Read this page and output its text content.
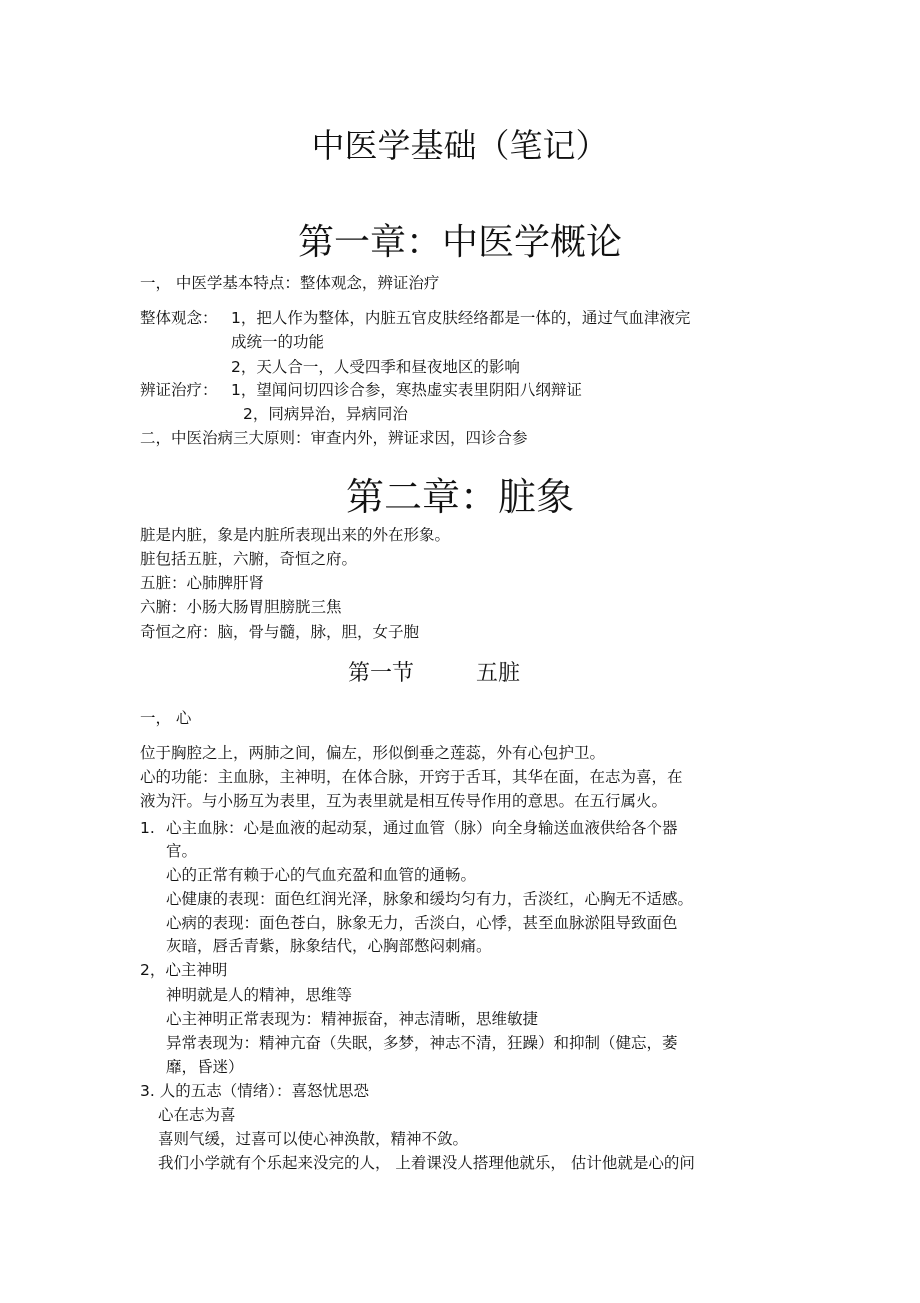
中医学基础（笔记）
第一章：中医学概论
一， 中医学基本特点：整体观念，辨证治疗
整体观念： 1，把人作为整体，内脏五官皮肤经络都是一体的，通过气血津液完
成统一的功能
2，天人合一，人受四季和昼夜地区的影响
辨证治疗： 1，望闻问切四诊合参，寒热虚实表里阴阳八纲辩证
2，同病异治，异病同治
二，中医治病三大原则：审查内外，辨证求因，四诊合参
第二章：脏象
脏是内脏，象是内脏所表现出来的外在形象。
脏包括五脏，六腑，奇恒之府。
五脏：心肺脾肝肾
六腑：小肠大肠胃胆膀胱三焦
奇恒之府：脑，骨与髓，脉，胆，女子胞
第一节	五脏
一， 心
位于胸腔之上，两肺之间，偏左，形似倒垂之莲蕊，外有心包护卫。
心的功能：主血脉，主神明，在体合脉，开窍于舌耳，其华在面，在志为喜，在
液为汗。与小肠互为表里，互为表里就是相互传导作用的意思。在五行属火。
1. 心主血脉：心是血液的起动泵，通过血管（脉）向全身输送血液供给各个器
官。
心的正常有赖于心的气血充盈和血管的通畅。
心健康的表现：面色红润光泽，脉象和缓均匀有力，舌淡红，心胸无不适感。
心病的表现：面色苍白，脉象无力，舌淡白，心悸，甚至血脉淤阻导致面色
灰暗，唇舌青紫，脉象结代，心胸部憋闷刺痛。
2，心主神明
神明就是人的精神，思维等
心主神明正常表现为：精神振奋，神志清晰，思维敏捷
异常表现为：精神亢奋（失眠，多梦，神志不清，狂躁）和抑制（健忘，萎
靡，昏迷）
3. 人的五志（情绪）：喜怒忧思恐
心在志为喜
喜则气缓，过喜可以使心神涣散，精神不敛。
我们小学就有个乐起来没完的人， 上着课没人搭理他就乐， 估计他就是心的问
